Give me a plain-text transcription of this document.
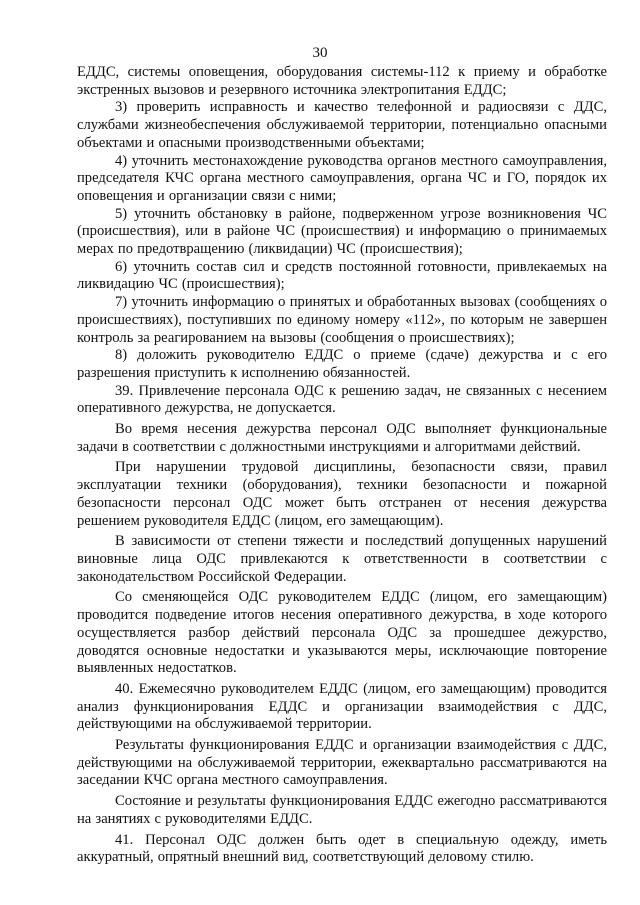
30

ЕДДС, системы оповещения, оборудования системы-112 к приему и обработке экстренных вызовов и резервного источника электропитания ЕДДС;

3) проверить исправность и качество телефонной и радиосвязи с ДДС, службами жизнеобеспечения обслуживаемой территории, потенциально опасными объектами и опасными производственными объектами;

4) уточнить местонахождение руководства органов местного самоуправления, председателя КЧС органа местного самоуправления, органа ЧС и ГО, порядок их оповещения и организации связи с ними;

5) уточнить обстановку в районе, подверженном угрозе возникновения ЧС (происшествия), или в районе ЧС (происшествия) и информацию о принимаемых мерах по предотвращению (ликвидации) ЧС (происшествия);

6) уточнить состав сил и средств постоянной готовности, привлекаемых на ликвидацию ЧС (происшествия);

7) уточнить информацию о принятых и обработанных вызовах (сообщениях о происшествиях), поступивших по единому номеру «112», по которым не завершен контроль за реагированием на вызовы (сообщения о происшествиях);

8) доложить руководителю ЕДДС о приеме (сдаче) дежурства и с его разрешения приступить к исполнению обязанностей.

39. Привлечение персонала ОДС к решению задач, не связанных с несением оперативного дежурства, не допускается.

Во время несения дежурства персонал ОДС выполняет функциональные задачи в соответствии с должностными инструкциями и алгоритмами действий.

При нарушении трудовой дисциплины, безопасности связи, правил эксплуатации техники (оборудования), техники безопасности и пожарной безопасности персонал ОДС может быть отстранен от несения дежурства решением руководителя ЕДДС (лицом, его замещающим).

В зависимости от степени тяжести и последствий допущенных нарушений виновные лица ОДС привлекаются к ответственности в соответствии с законодательством Российской Федерации.

Со сменяющейся ОДС руководителем ЕДДС (лицом, его замещающим) проводится подведение итогов несения оперативного дежурства, в ходе которого осуществляется разбор действий персонала ОДС за прошедшее дежурство, доводятся основные недостатки и указываются меры, исключающие повторение выявленных недостатков.

40. Ежемесячно руководителем ЕДДС (лицом, его замещающим) проводится анализ функционирования ЕДДС и организации взаимодействия с ДДС, действующими на обслуживаемой территории.

Результаты функционирования ЕДДС и организации взаимодействия с ДДС, действующими на обслуживаемой территории, ежеквартально рассматриваются на заседании КЧС органа местного самоуправления.

Состояние и результаты функционирования ЕДДС ежегодно рассматриваются на занятиях с руководителями ЕДДС.

41. Персонал ОДС должен быть одет в специальную одежду, иметь аккуратный, опрятный внешний вид, соответствующий деловому стилю.
